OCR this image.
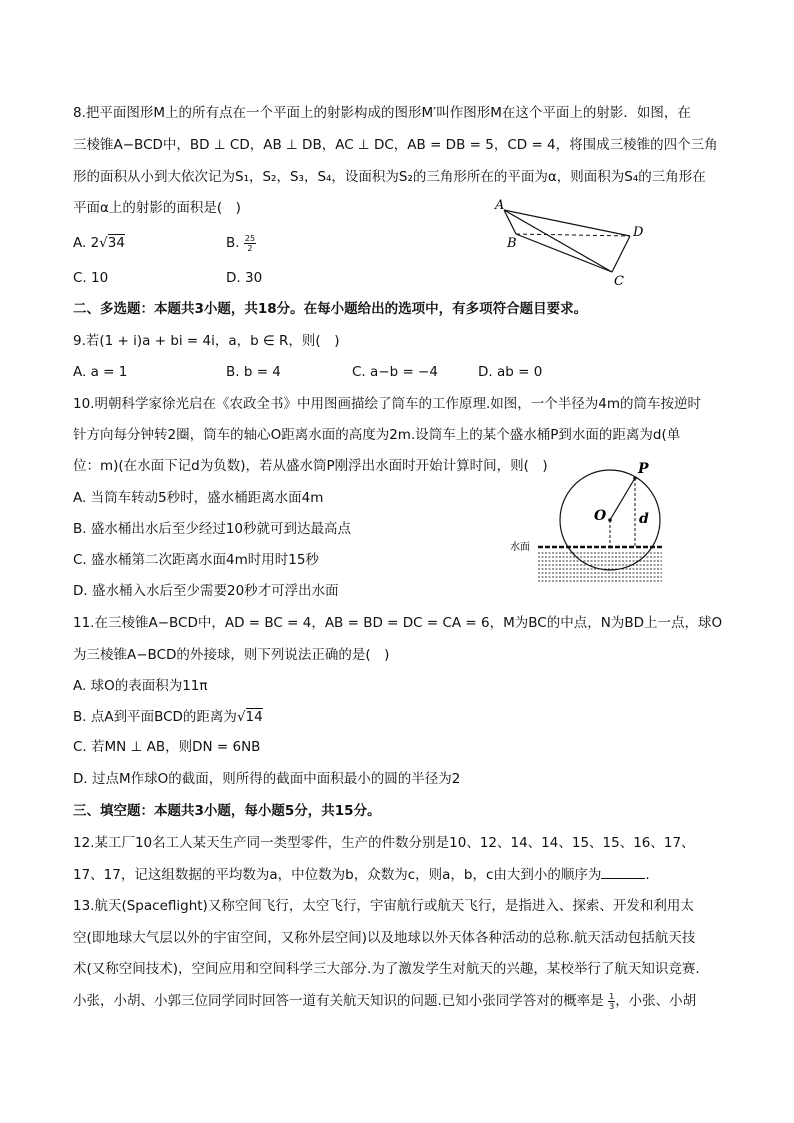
8.把平面图形M上的所有点在一个平面上的射影构成的图形M′叫作图形M在这个平面上的射影．如图，在
三棱锥A−BCD中，BD ⊥ CD，AB ⊥ DB，AC ⊥ DC，AB = DB = 5，CD = 4，将围成三棱锥的四个三角
形的面积从小到大依次记为S₁，S₂，S₃，S₄，设面积为S₂的三角形所在的平面为α，则面积为S₄的三角形在
平面α上的射影的面积是(　)
A. 2√34	B. $\frac{25}{2}$
C. 10	D. 30
A
B
C
D
二、多选题：本题共3小题，共18分。在每小题给出的选项中，有多项符合题目要求。
9.若(1 + i)a + bi = 4i，a，b ∈ R，则(　)
A. a = 1	B. b = 4	C. a−b = −4	D. ab = 0
10.明朝科学家徐光启在《农政全书》中用图画描绘了筒车的工作原理.如图，一个半径为4m的筒车按逆时
针方向每分钟转2圈，筒车的轴心O距离水面的高度为2m.设筒车上的某个盛水桶P到水面的距离为d(单
位：m)(在水面下记d为负数)，若从盛水筒P刚浮出水面时开始计算时间，则(　)
A. 当筒车转动5秒时，盛水桶距离水面4m
B. 盛水桶出水后至少经过10秒就可到达最高点
C. 盛水桶第二次距离水面4m时用时15秒
D. 盛水桶入水后至少需要20秒才可浮出水面
P
O d
水面
11.在三棱锥A−BCD中，AD = BC = 4，AB = BD = DC = CA = 6，M为BC的中点，N为BD上一点，球O
为三棱锥A−BCD的外接球，则下列说法正确的是(　)
A. 球O的表面积为11π
B. 点A到平面BCD的距离为√14
C. 若MN ⊥ AB，则DN = 6NB
D. 过点M作球O的截面，则所得的截面中面积最小的圆的半径为2
三、填空题：本题共3小题，每小题5分，共15分。
12.某工厂10名工人某天生产同一类型零件，生产的件数分别是10、12、14、14、15、15、16、17、
17、17，记这组数据的平均数为a，中位数为b，众数为c，则a，b，c由大到小的顺序为	.
13.航天(Spaceflight)又称空间飞行，太空飞行，宇宙航行或航天飞行，是指进入、探索、开发和利用太
空(即地球大气层以外的宇宙空间，又称外层空间)以及地球以外天体各种活动的总称.航天活动包括航天技
术(又称空间技术)，空间应用和空间科学三大部分.为了激发学生对航天的兴趣，某校举行了航天知识竞赛.
小张，小胡、小郭三位同学同时回答一道有关航天知识的问题.已知小张同学答对的概率是 $\frac{1}{3}$ ，小张、小胡
